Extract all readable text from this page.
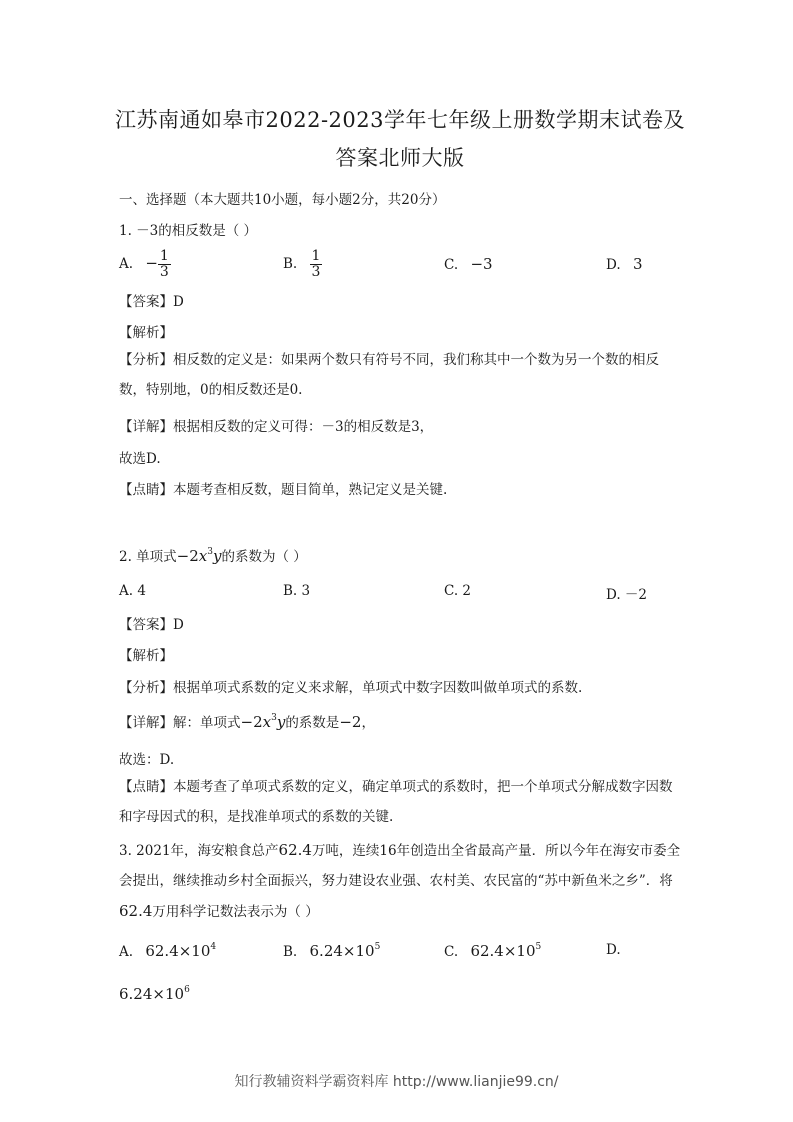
江苏南通如皋市2022-2023学年七年级上册数学期末试卷及
答案北师大版
一、选择题（本大题共10小题，每小题2分，共20分）
1. －3的相反数是（ ）
A. − $\frac{1}{3}$	B. $\frac{1}{3}$	C. −3	D. 3
【答案】D
【解析】
【分析】相反数的定义是：如果两个数只有符号不同，我们称其中一个数为另一个数的相反数，特别地，0的相反数还是0.
【详解】根据相反数的定义可得：－3的相反数是3，
故选D.
【点睛】本题考查相反数，题目简单，熟记定义是关键.
2. 单项式$-2x^3y$的系数为（ ）
A. 4	B. 3	C. 2	D. －2
【答案】D
【解析】
【分析】根据单项式系数的定义来求解，单项式中数字因数叫做单项式的系数.
【详解】解：单项式$-2x^3y$的系数是−2，
故选：D.
【点睛】本题考查了单项式系数的定义，确定单项式的系数时，把一个单项式分解成数字因数和字母因式的积，是找准单项式的系数的关键.
3. 2021年，海安粮食总产62.4万吨，连续16年创造出全省最高产量．所以今年在海安市委全会提出，继续推动乡村全面振兴，努力建设农业强、农村美、农民富的“苏中新鱼米之乡”．将62.4万用科学记数法表示为（ ）
A. $62.4\times 10^4$	B. $6.24\times 10^5$	C. $62.4\times 10^5$	D.
$6.24\times 10^6$
知行教辅资料学霸资料库 http://www.lianjie99.cn/
